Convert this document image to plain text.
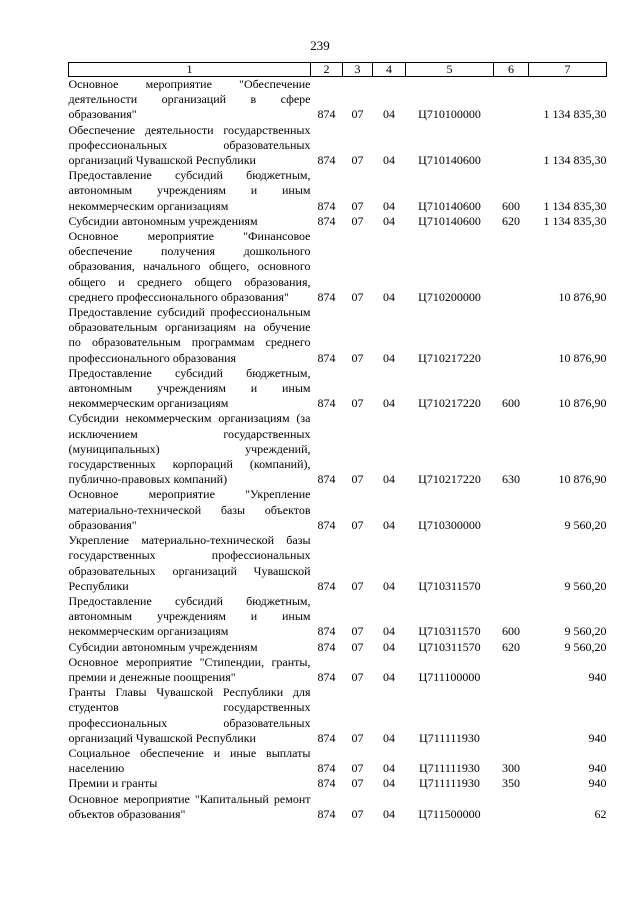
239
1	2	3	4	5	6	7
Основное мероприятие "Обеспечение деятельности организаций в сфере образования"	874	07	04	Ц710100000		1 134 835,30
Обеспечение деятельности государственных профессиональных образовательных организаций Чувашской Республики	874	07	04	Ц710140600		1 134 835,30
Предоставление субсидий бюджетным, автономным учреждениям и иным некоммерческим организациям	874	07	04	Ц710140600	600	1 134 835,30
Субсидии автономным учреждениям	874	07	04	Ц710140600	620	1 134 835,30
Основное мероприятие "Финансовое обеспечение получения дошкольного образования, начального общего, основного общего и среднего общего образования, среднего профессионального образования"	874	07	04	Ц710200000		10 876,90
Предоставление субсидий профессиональным образовательным организациям на обучение по образовательным программам среднего профессионального образования	874	07	04	Ц710217220		10 876,90
Предоставление субсидий бюджетным, автономным учреждениям и иным некоммерческим организациям	874	07	04	Ц710217220	600	10 876,90
Субсидии некоммерческим организациям (за исключением государственных (муниципальных) учреждений, государственных корпораций (компаний), публично-правовых компаний)	874	07	04	Ц710217220	630	10 876,90
Основное мероприятие "Укрепление материально-технической базы объектов образования"	874	07	04	Ц710300000		9 560,20
Укрепление материально-технической базы государственных профессиональных образовательных организаций Чувашской Республики	874	07	04	Ц710311570		9 560,20
Предоставление субсидий бюджетным, автономным учреждениям и иным некоммерческим организациям	874	07	04	Ц710311570	600	9 560,20
Субсидии автономным учреждениям	874	07	04	Ц710311570	620	9 560,20
Основное мероприятие "Стипендии, гранты, премии и денежные поощрения"	874	07	04	Ц711100000		940
Гранты Главы Чувашской Республики для студентов государственных профессиональных образовательных организаций Чувашской Республики	874	07	04	Ц711111930		940
Социальное обеспечение и иные выплаты населению	874	07	04	Ц711111930	300	940
Премии и гранты	874	07	04	Ц711111930	350	940
Основное мероприятие "Капитальный ремонт объектов образования"	874	07	04	Ц711500000		62
